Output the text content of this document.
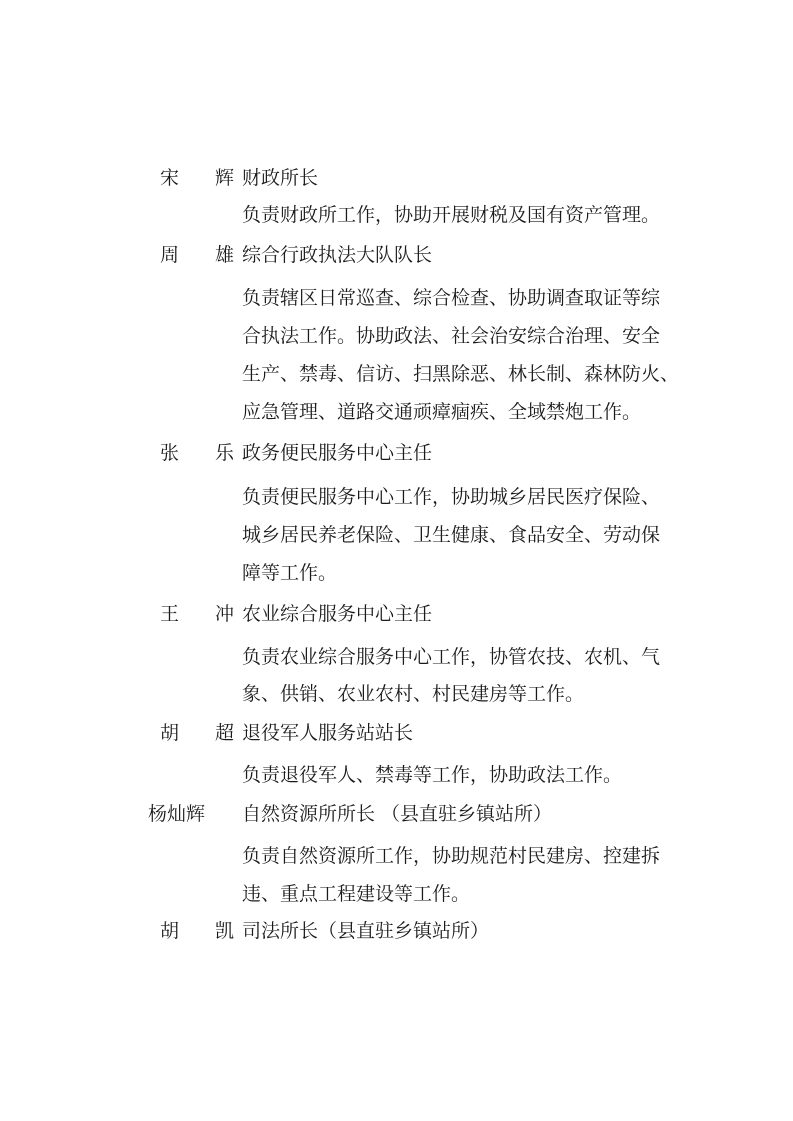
宋 辉
财政所长
负责财政所工作，协助开展财税及国有资产管理。
周 雄
综合行政执法大队队长
负责辖区日常巡查、综合检查、协助调查取证等综
合执法工作。协助政法、社会治安综合治理、安全
生产、禁毒、信访、扫黑除恶、林长制、森林防火、
应急管理、道路交通顽瘴痼疾、全域禁炮工作。
张 乐
政务便民服务中心主任
负责便民服务中心工作，协助城乡居民医疗保险、
城乡居民养老保险、卫生健康、食品安全、劳动保
障等工作。
王 冲
农业综合服务中心主任
负责农业综合服务中心工作，协管农技、农机、气
象、供销、农业农村、村民建房等工作。
胡 超
退役军人服务站站长
负责退役军人、禁毒等工作，协助政法工作。
杨灿辉	自然资源所所长 （县直驻乡镇站所）
负责自然资源所工作，协助规范村民建房、控建拆
违、重点工程建设等工作。
胡 凯
司法所长（县直驻乡镇站所）
